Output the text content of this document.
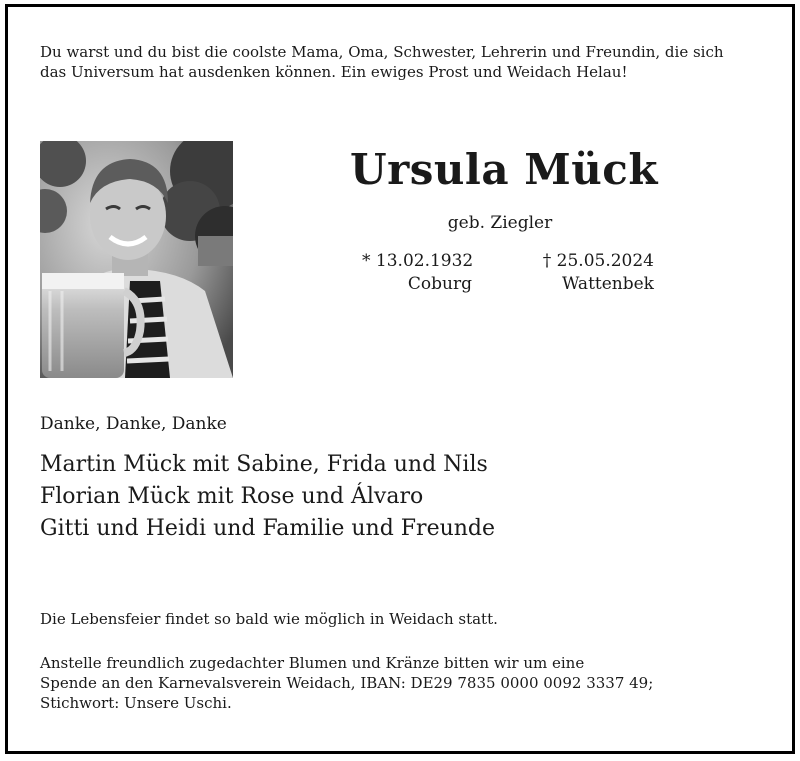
Du warst und du bist die coolste Mama, Oma, Schwester, Lehrerin und Freundin, die sich
das Universum hat ausdenken können. Ein ewiges Prost und Weidach Helau!
Ursula Mück
geb. Ziegler
* 13.02.1932
Coburg
† 25.05.2024
Wattenbek
Danke, Danke, Danke
Martin Mück mit Sabine, Frida und Nils
Florian Mück mit Rose und Álvaro
Gitti und Heidi und Familie und Freunde
Die Lebensfeier findet so bald wie möglich in Weidach statt.
Anstelle freundlich zugedachter Blumen und Kränze bitten wir um eine
Spende an den Karnevalsverein Weidach, IBAN: DE29 7835 0000 0092 3337 49;
Stichwort: Unsere Uschi.
